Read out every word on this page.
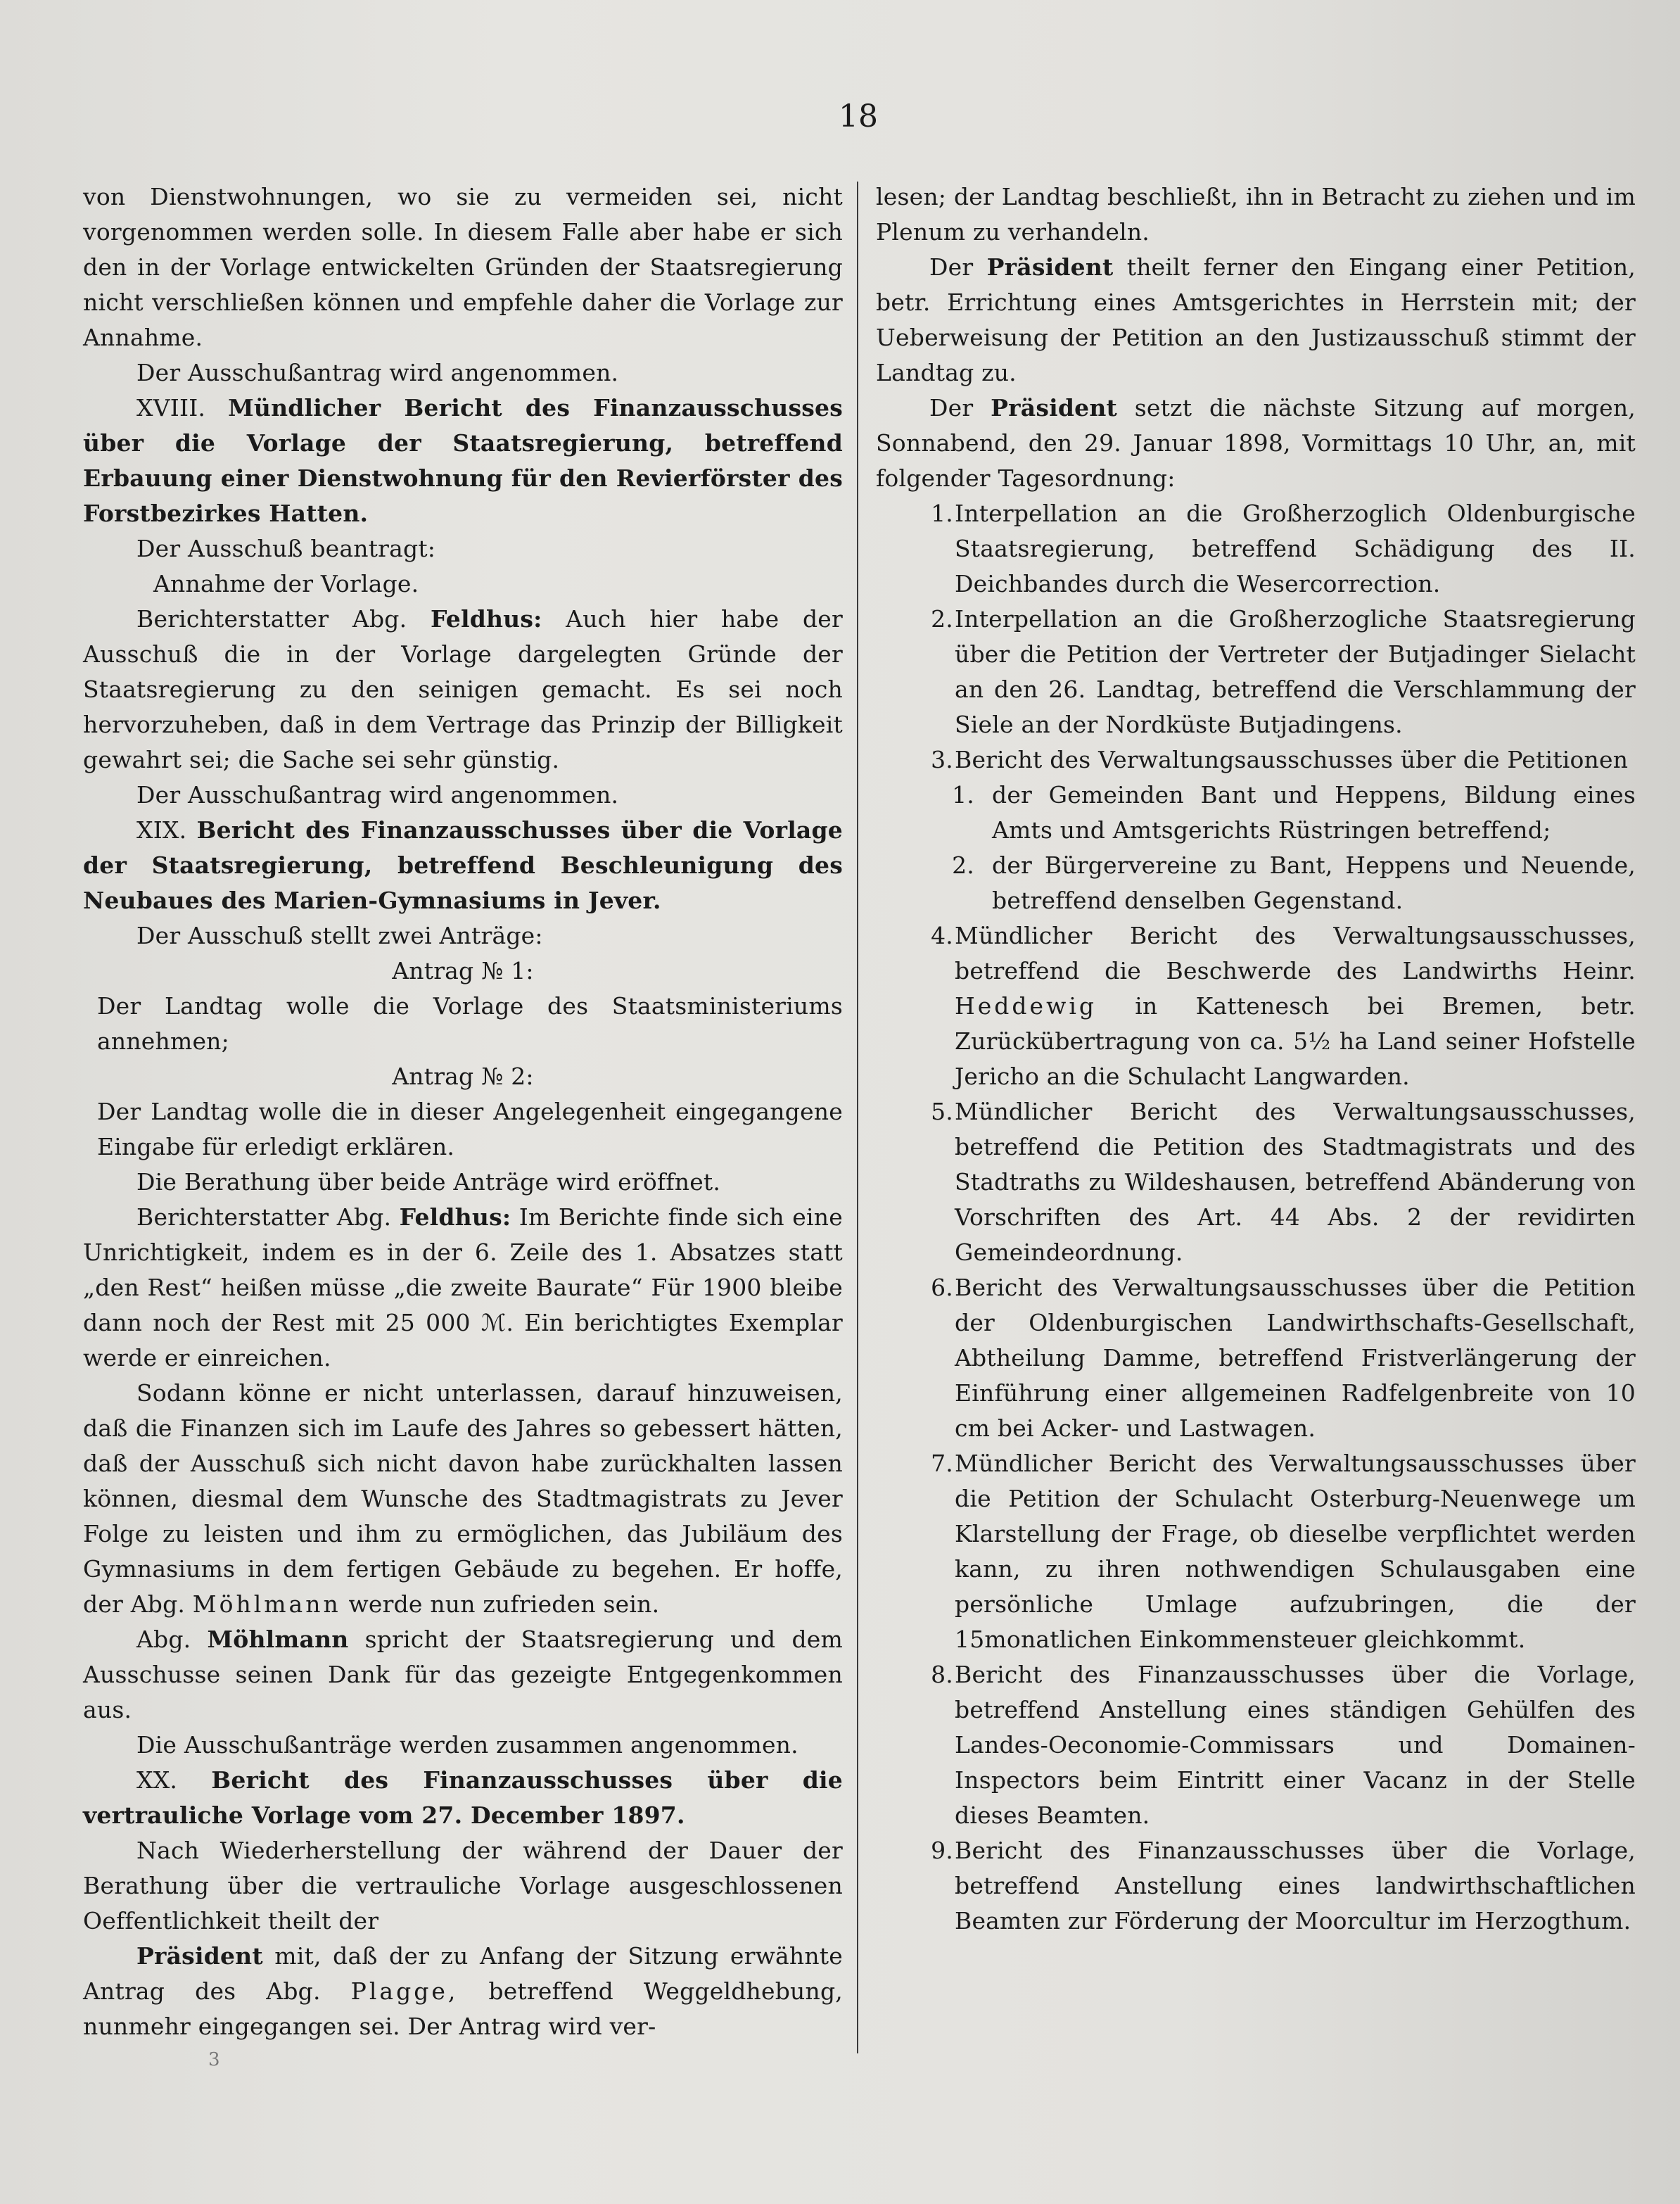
18

von Dienstwohnungen, wo sie zu vermeiden sei, nicht vorgenommen werden solle. In diesem Falle aber habe er sich den in der Vorlage entwickelten Gründen der Staatsregierung nicht verschließen können und empfehle daher die Vorlage zur Annahme.

Der Ausschußantrag wird angenommen.

XVIII. Mündlicher Bericht des Finanzausschusses über die Vorlage der Staatsregierung, betreffend Erbauung einer Dienstwohnung für den Revierförster des Forstbezirkes Hatten.

Der Ausschuß beantragt:

Annahme der Vorlage.

Berichterstatter Abg. Feldhus: Auch hier habe der Ausschuß die in der Vorlage dargelegten Gründe der Staatsregierung zu den seinigen gemacht. Es sei noch hervorzuheben, daß in dem Vertrage das Prinzip der Billigkeit gewahrt sei; die Sache sei sehr günstig.

Der Ausschußantrag wird angenommen.

XIX. Bericht des Finanzausschusses über die Vorlage der Staatsregierung, betreffend Beschleunigung des Neubaues des Marien-Gymnasiums in Jever.

Der Ausschuß stellt zwei Anträge:

Antrag № 1:

Der Landtag wolle die Vorlage des Staatsministeriums annehmen;

Antrag № 2:

Der Landtag wolle die in dieser Angelegenheit eingegangene Eingabe für erledigt erklären.

Die Berathung über beide Anträge wird eröffnet.

Berichterstatter Abg. Feldhus: Im Berichte finde sich eine Unrichtigkeit, indem es in der 6. Zeile des 1. Absatzes statt „den Rest“ heißen müsse „die zweite Baurate“ Für 1900 bleibe dann noch der Rest mit 25 000 ℳ. Ein berichtigtes Exemplar werde er einreichen.

Sodann könne er nicht unterlassen, darauf hinzuweisen, daß die Finanzen sich im Laufe des Jahres so gebessert hätten, daß der Ausschuß sich nicht davon habe zurückhalten lassen können, diesmal dem Wunsche des Stadtmagistrats zu Jever Folge zu leisten und ihm zu ermöglichen, das Jubiläum des Gymnasiums in dem fertigen Gebäude zu begehen. Er hoffe, der Abg. Möhlmann werde nun zufrieden sein.

Abg. Möhlmann spricht der Staatsregierung und dem Ausschusse seinen Dank für das gezeigte Entgegenkommen aus.

Die Ausschußanträge werden zusammen angenommen.

XX. Bericht des Finanzausschusses über die vertrauliche Vorlage vom 27. December 1897.

Nach Wiederherstellung der während der Dauer der Berathung über die vertrauliche Vorlage ausgeschlossenen Oeffentlichkeit theilt der

Präsident mit, daß der zu Anfang der Sitzung erwähnte Antrag des Abg. Plagge, betreffend Weggeldhebung, nunmehr eingegangen sei. Der Antrag wird ver-

lesen; der Landtag beschließt, ihn in Betracht zu ziehen und im Plenum zu verhandeln.

Der Präsident theilt ferner den Eingang einer Petition, betr. Errichtung eines Amtsgerichtes in Herrstein mit; der Ueberweisung der Petition an den Justizausschuß stimmt der Landtag zu.

Der Präsident setzt die nächste Sitzung auf morgen, Sonnabend, den 29. Januar 1898, Vormittags 10 Uhr, an, mit folgender Tagesordnung:

1. Interpellation an die Großherzoglich Oldenburgische Staatsregierung, betreffend Schädigung des II. Deichbandes durch die Wesercorrection.
2. Interpellation an die Großherzogliche Staatsregierung über die Petition der Vertreter der Butjadinger Sielacht an den 26. Landtag, betreffend die Verschlammung der Siele an der Nordküste Butjadingens.
3. Bericht des Verwaltungsausschusses über die Petitionen
1. der Gemeinden Bant und Heppens, Bildung eines Amts und Amtsgerichts Rüstringen betreffend;
2. der Bürgervereine zu Bant, Heppens und Neuende, betreffend denselben Gegenstand.
4. Mündlicher Bericht des Verwaltungsausschusses, betreffend die Beschwerde des Landwirths Heinr. Heddewig in Kattenesch bei Bremen, betr. Zurückübertragung von ca. 5½ ha Land seiner Hofstelle Jericho an die Schulacht Langwarden.
5. Mündlicher Bericht des Verwaltungsausschusses, betreffend die Petition des Stadtmagistrats und des Stadtraths zu Wildeshausen, betreffend Abänderung von Vorschriften des Art. 44 Abs. 2 der revidirten Gemeindeordnung.
6. Bericht des Verwaltungsausschusses über die Petition der Oldenburgischen Landwirthschafts-Gesellschaft, Abtheilung Damme, betreffend Fristverlängerung der Einführung einer allgemeinen Radfelgenbreite von 10 cm bei Acker- und Lastwagen.
7. Mündlicher Bericht des Verwaltungsausschusses über die Petition der Schulacht Osterburg-Neuenwege um Klarstellung der Frage, ob dieselbe verpflichtet werden kann, zu ihren nothwendigen Schulausgaben eine persönliche Umlage aufzubringen, die der 15monatlichen Einkommensteuer gleichkommt.
8. Bericht des Finanzausschusses über die Vorlage, betreffend Anstellung eines ständigen Gehülfen des Landes-Oeconomie-Commissars und Domainen-Inspectors beim Eintritt einer Vacanz in der Stelle dieses Beamten.
9. Bericht des Finanzausschusses über die Vorlage, betreffend Anstellung eines landwirthschaftlichen Beamten zur Förderung der Moorcultur im Herzogthum.
3
